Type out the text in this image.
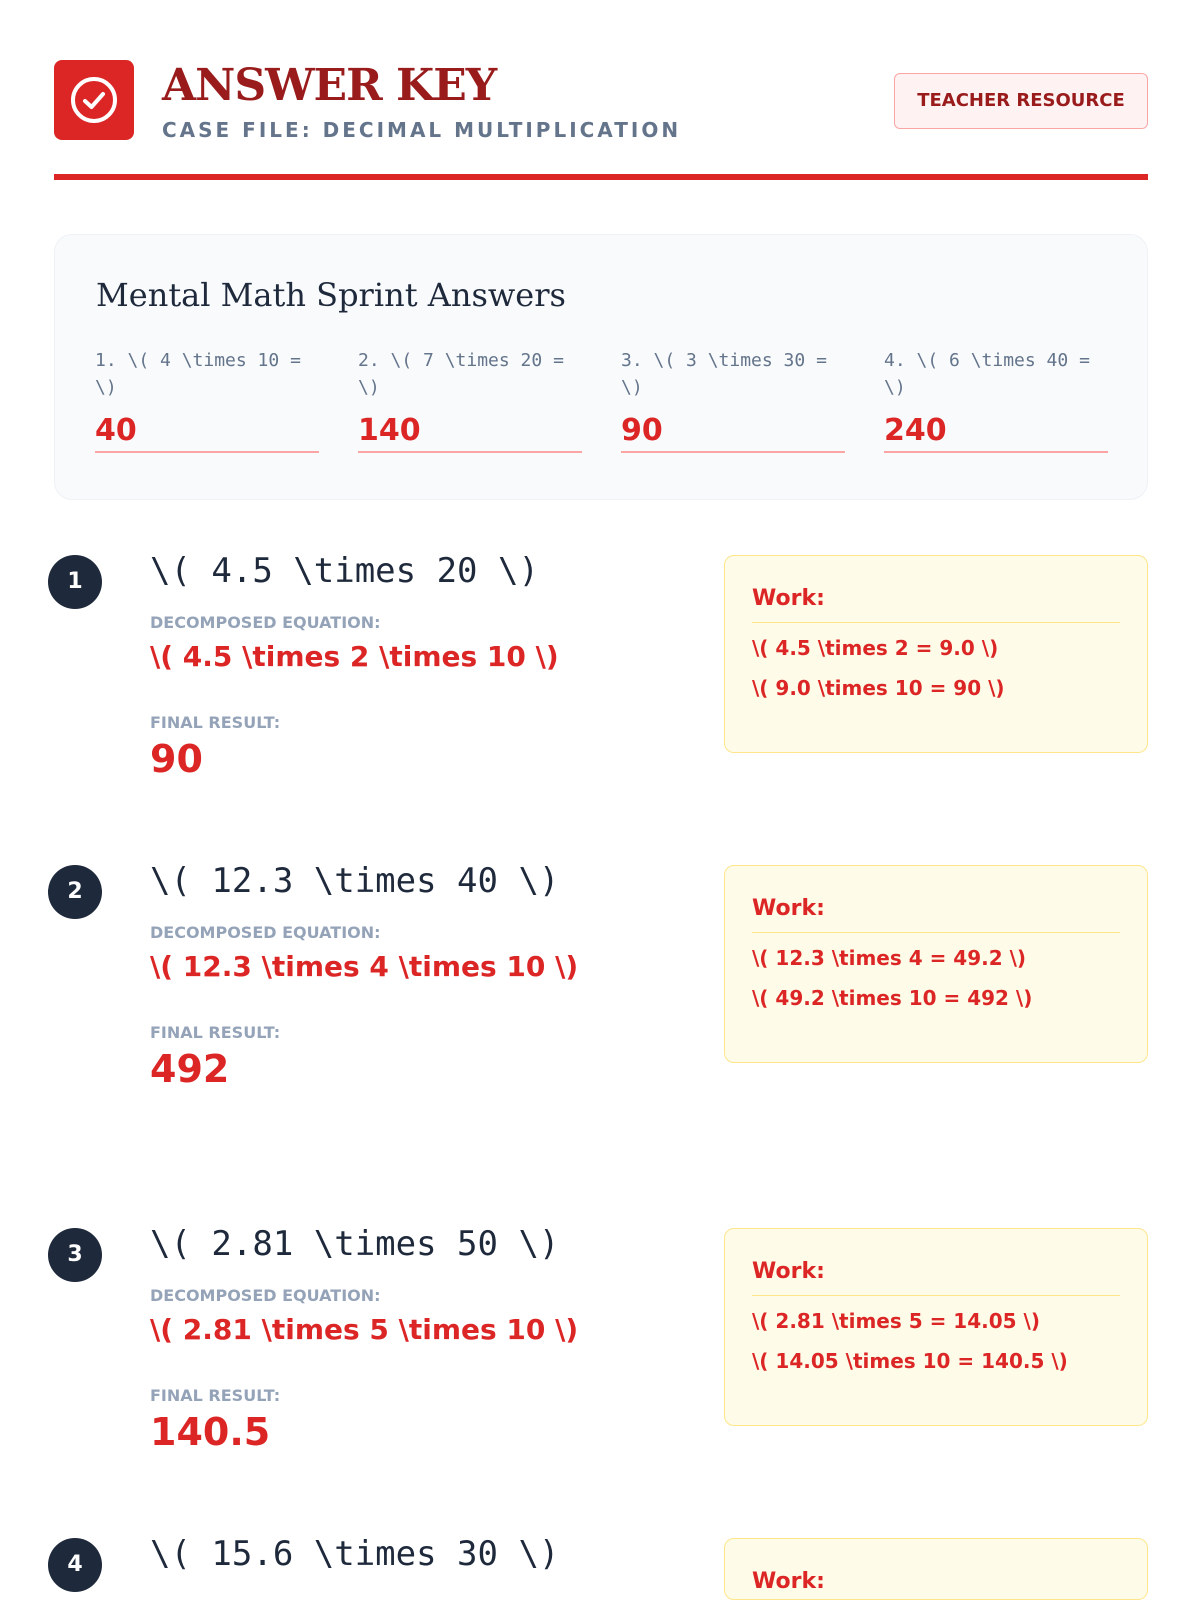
ANSWER KEY
CASE FILE: DECIMAL MULTIPLICATION
TEACHER RESOURCE
Mental Math Sprint Answers
1. \( 4 \times 10 = \)
40
2. \( 7 \times 20 = \)
140
3. \( 3 \times 30 = \)
90
4. \( 6 \times 40 = \)
240
1	\( 4.5 \times 20 \)
DECOMPOSED EQUATION:
\( 4.5 \times 2 \times 10 \)
FINAL RESULT:
90
Work:
\( 4.5 \times 2 = 9.0 \)
\( 9.0 \times 10 = 90 \)
2	\( 12.3 \times 40 \)
DECOMPOSED EQUATION:
\( 12.3 \times 4 \times 10 \)
FINAL RESULT:
492
Work:
\( 12.3 \times 4 = 49.2 \)
\( 49.2 \times 10 = 492 \)
3	\( 2.81 \times 50 \)
DECOMPOSED EQUATION:
\( 2.81 \times 5 \times 10 \)
FINAL RESULT:
140.5
Work:
\( 2.81 \times 5 = 14.05 \)
\( 14.05 \times 10 = 140.5 \)
4	\( 15.6 \times 30 \)
Work:
